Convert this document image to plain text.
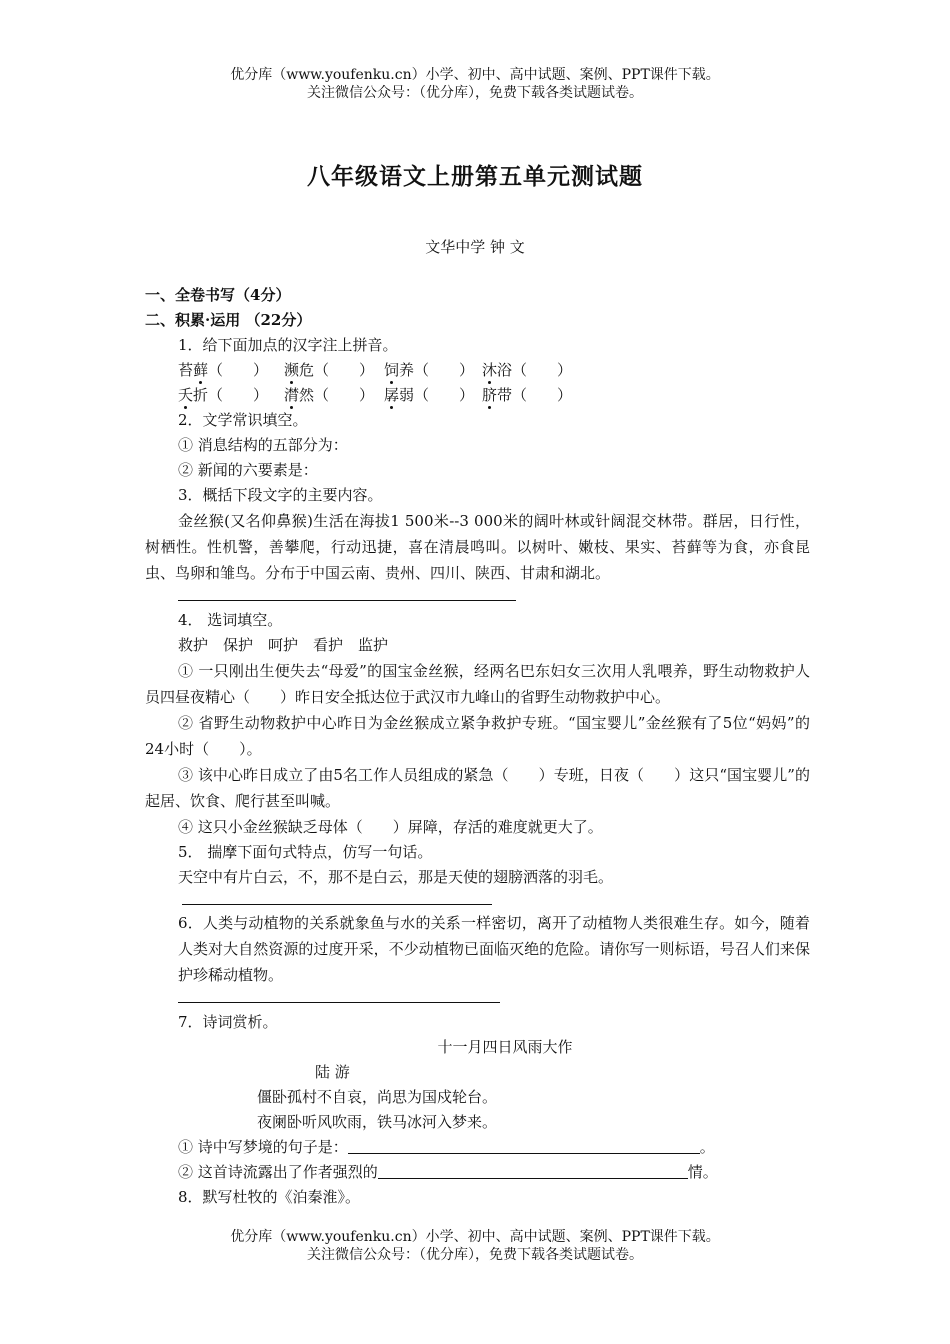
优分库（www.youfenku.cn）小学、初中、高中试题、案例、PPT课件下载。
关注微信公众号：（优分库），免费下载各类试题试卷。
八年级语文上册第五单元测试题
文华中学 钟 文
一、全卷书写（4分）
二、积累·运用 （22分）
1．给下面加点的汉字注上拼音。
苔藓（　　） 濒危（　　） 饲养（　　） 沐浴（　　）
夭折（　　） 潸然（　　） 孱弱（　　） 脐带（　　）
2．文学常识填空。
① 消息结构的五部分为：
② 新闻的六要素是：
3．概括下段文字的主要内容。

金丝猴(又名仰鼻猴)生活在海拔1 500米--3 000米的阔叶林或针阔混交林带。群居，日行性，树栖性。性机警，善攀爬，行动迅捷，喜在清晨鸣叫。以树叶、嫩枝、果实、苔藓等为食，亦食昆虫、鸟卵和雏鸟。分布于中国云南、贵州、四川、陕西、甘肃和湖北。

4． 选词填空。
救护　保护　呵护　看护　监护

① 一只刚出生便失去“母爱”的国宝金丝猴，经两名巴东妇女三次用人乳喂养，野生动物救护人员四昼夜精心（　　）昨日安全抵达位于武汉市九峰山的省野生动物救护中心。

② 省野生动物救护中心昨日为金丝猴成立紧争救护专班。“国宝婴儿”金丝猴有了5位“妈妈”的24小时（　　）。

③ 该中心昨日成立了由5名工作人员组成的紧急（　　）专班，日夜（　　）这只“国宝婴儿”的起居、饮食、爬行甚至叫喊。

④ 这只小金丝猴缺乏母体（　　）屏障，存活的难度就更大了。

5． 揣摩下面句式特点，仿写一句话。
天空中有片白云，不，那不是白云，那是天使的翅膀洒落的羽毛。

6．人类与动植物的关系就象鱼与水的关系一样密切，离开了动植物人类很难生存。如今，随着人类对大自然资源的过度开采，不少动植物已面临灭绝的危险。请你写一则标语，号召人们来保护珍稀动植物。

7．诗词赏析。
十一月四日风雨大作
陆 游
僵卧孤村不自哀，尚思为国戍轮台。
夜阑卧听风吹雨，铁马冰河入梦来。
① 诗中写梦境的句子是：	。
② 这首诗流露出了作者强烈的	情。
8．默写杜牧的《泊秦淮》。
优分库（www.youfenku.cn）小学、初中、高中试题、案例、PPT课件下载。
关注微信公众号：（优分库），免费下载各类试题试卷。
